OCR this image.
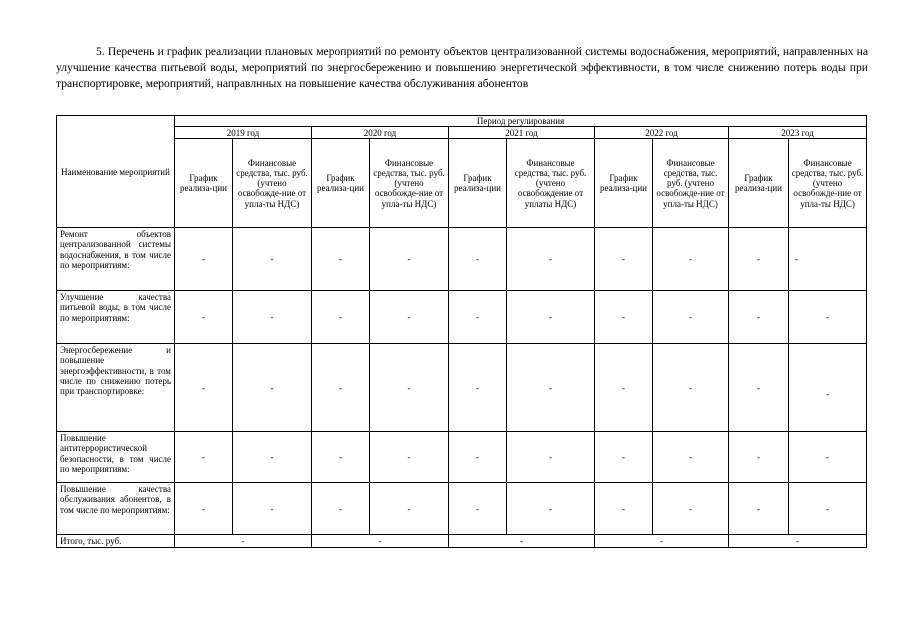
5. Перечень и график реализации плановых мероприятий по ремонту объектов централизованной системы водоснабжения, мероприятий, направленных на улучшение качества питьевой воды, мероприятий по энергосбережению и повышению энергетической эффективности, в том числе снижению потерь воды при транспортировке, мероприятий, направлнных на повышение качества обслуживания абонентов
Наименование мероприятий	Период регулирования									
	2019 год		2020 год		2021 год		2022 год		2023 год	
	График реализа-ции	Финансовые средства, тыс. руб. (учтено освобожде-ние от упла-ты НДС)	График реализа-ции	Финансовые средства, тыс. руб. (учтено освобожде-ние от упла-ты НДС)	График реализа-ции	Финансовые средства, тыс. руб. (учтено освобождение от уплаты НДС)	График реализа-ции	Финансовые средства, тыс. руб. (учтено освобожде-ние от упла-ты НДС)	График реализа-ции	Финансовые средства, тыс. руб. (учтено освобожде-ние от упла-ты НДС)
Ремонт объектов централизованной системы водоснабжения, в том числе по мероприятиям:	-	-	-	-	-	-	-	-	-	-
Улучшение качества питьевой воды, в том числе по мероприятиям:	-	-	-	-	-	-	-	-	-	-
Энергосбережение и повышение энергоэффективности, в том числе по снижению потерь при транспортировке:	-	-	-	-	-	-	-	-	-	-
Повышение антитеррористической безопасности, в том числе по мероприятиям:	-	-	-	-	-	-	-	-	-	-
Повышение качества обслуживания абонентов, в том числе по мероприятиям:	-	-	-	-	-	-	-	-	-	-
Итого, тыс. руб.	-		-		-		-		-	
